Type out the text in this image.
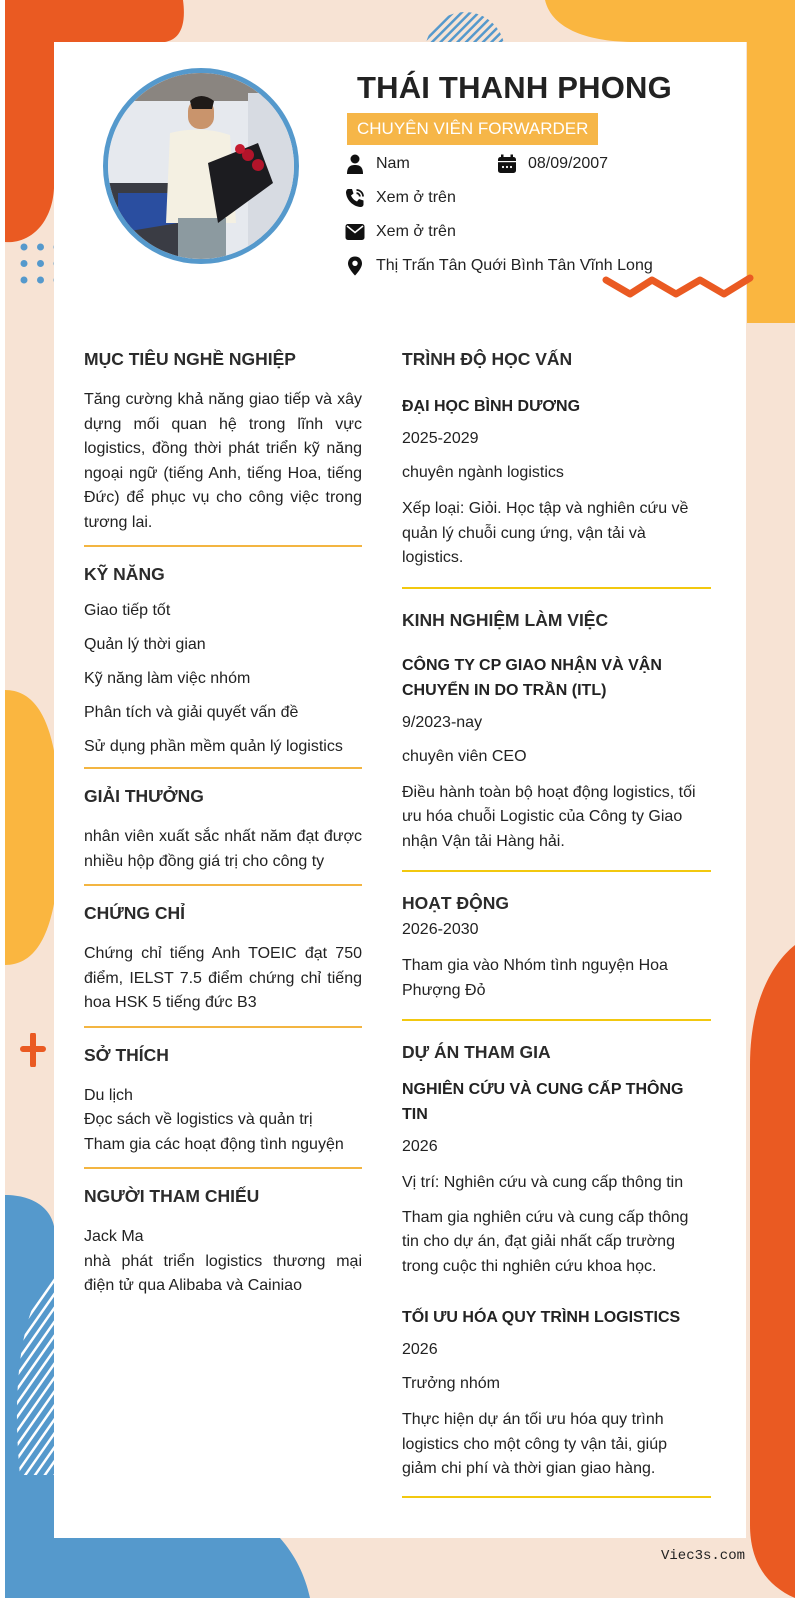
THÁI THANH PHONG
CHUYÊN VIÊN FORWARDER
Nam	08/09/2007
Xem ở trên
Xem ở trên
Thị Trấn Tân Quới Bình Tân Vĩnh Long
MỤC TIÊU NGHỀ NGHIỆP
Tăng cường khả năng giao tiếp và xây dựng mối quan hệ trong lĩnh vực logistics, đồng thời phát triển kỹ năng ngoại ngữ (tiếng Anh, tiếng Hoa, tiếng Đức) để phục vụ cho công việc trong tương lai.
KỸ NĂNG
Giao tiếp tốt
Quản lý thời gian
Kỹ năng làm việc nhóm
Phân tích và giải quyết vấn đề
Sử dụng phần mềm quản lý logistics
GIẢI THƯỞNG
nhân viên xuất sắc nhất năm đạt được nhiều hộp đồng giá trị cho công ty
CHỨNG CHỈ
Chứng chỉ tiếng Anh TOEIC đạt 750 điểm, IELST 7.5 điểm chứng chỉ tiếng hoa HSK 5 tiếng đức B3
SỞ THÍCH
Du lịch
Đọc sách về logistics và quản trị
Tham gia các hoạt động tình nguyện
NGƯỜI THAM CHIẾU
Jack Ma
nhà phát triển logistics thương mại điện tử qua Alibaba và Cainiao
TRÌNH ĐỘ HỌC VẤN
ĐẠI HỌC BÌNH DƯƠNG
2025-2029
chuyên ngành logistics
Xếp loại: Giỏi. Học tập và nghiên cứu về quản lý chuỗi cung ứng, vận tải và logistics.
KINH NGHIỆM LÀM VIỆC
CÔNG TY CP GIAO NHẬN VÀ VẬN CHUYỂN IN DO TRẦN (ITL)
9/2023-nay
chuyên viên CEO
Điều hành toàn bộ hoạt động logistics, tối ưu hóa chuỗi Logistic của Công ty Giao nhận Vận tải Hàng hải.
HOẠT ĐỘNG
2026-2030
Tham gia vào Nhóm tình nguyện Hoa Phượng Đỏ
DỰ ÁN THAM GIA
NGHIÊN CỨU VÀ CUNG CẤP THÔNG TIN
2026
Vị trí: Nghiên cứu và cung cấp thông tin
Tham gia nghiên cứu và cung cấp thông tin cho dự án, đạt giải nhất cấp trường trong cuộc thi nghiên cứu khoa học.
TỐI ƯU HÓA QUY TRÌNH LOGISTICS
2026
Trưởng nhóm
Thực hiện dự án tối ưu hóa quy trình logistics cho một công ty vận tải, giúp giảm chi phí và thời gian giao hàng.
Viec3s.com
